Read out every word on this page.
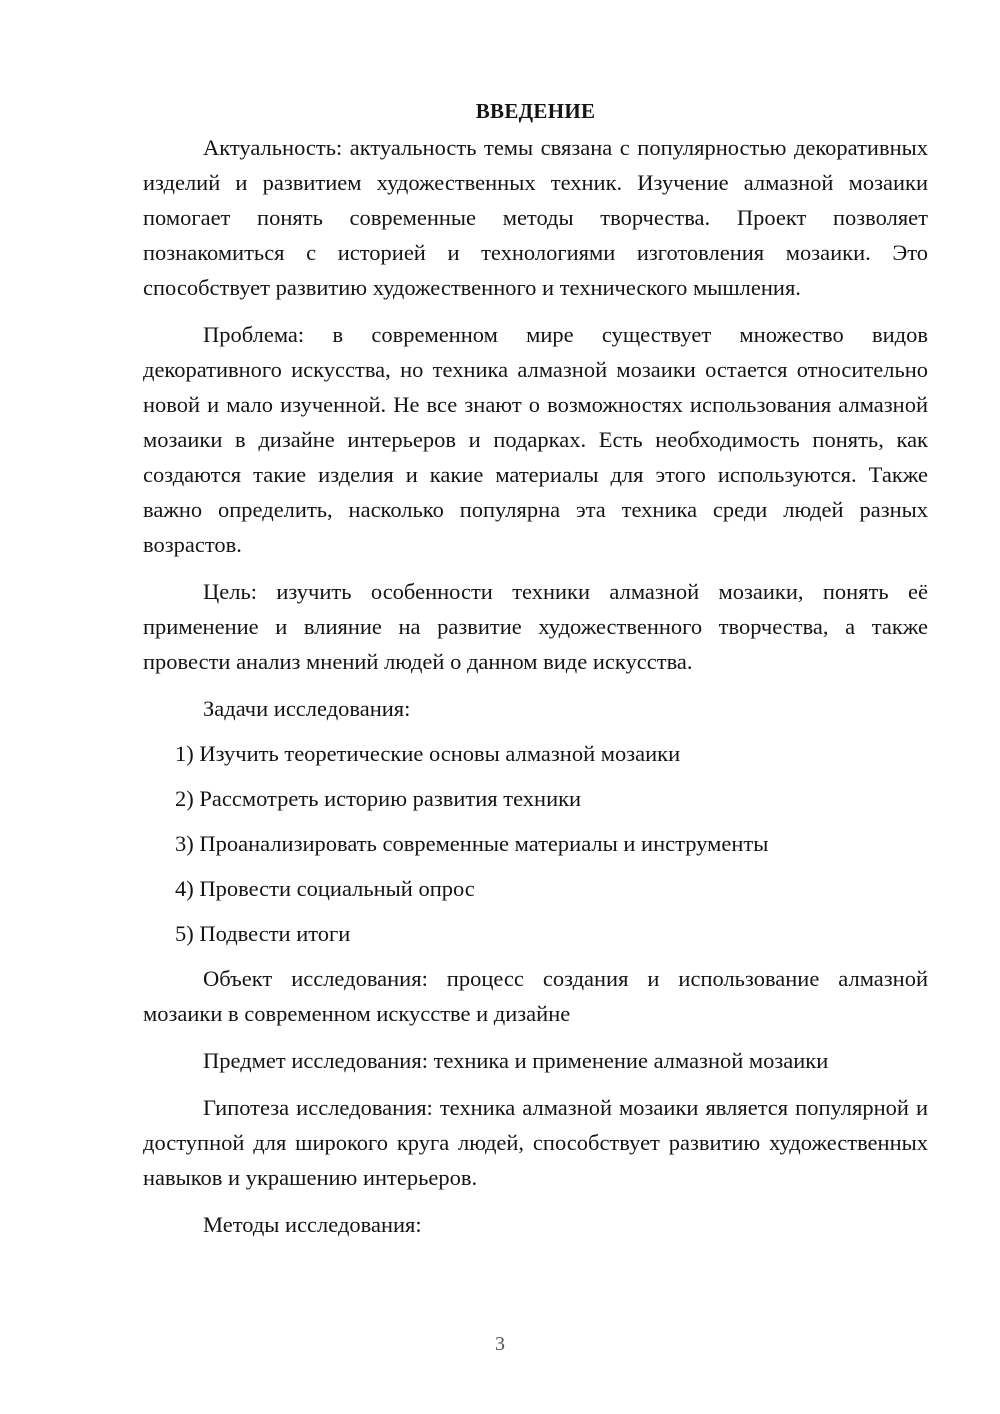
ВВЕДЕНИЕ

Актуальность: актуальность темы связана с популярностью декоративных изделий и развитием художественных техник. Изучение алмазной мозаики помогает понять современные методы творчества. Проект позволяет познакомиться с историей и технологиями изготовления мозаики. Это способствует развитию художественного и технического мышления.

Проблема: в современном мире существует множество видов декоративного искусства, но техника алмазной мозаики остается относительно новой и мало изученной. Не все знают о возможностях использования алмазной мозаики в дизайне интерьеров и подарках. Есть необходимость понять, как создаются такие изделия и какие материалы для этого используются. Также важно определить, насколько популярна эта техника среди людей разных возрастов.

Цель: изучить особенности техники алмазной мозаики, понять её применение и влияние на развитие художественного творчества, а также провести анализ мнений людей о данном виде искусства.

Задачи исследования:

1) Изучить теоретические основы алмазной мозаики
2) Рассмотреть историю развития техники
3) Проанализировать современные материалы и инструменты
4) Провести социальный опрос
5) Подвести итоги

Объект исследования: процесс создания и использование алмазной мозаики в современном искусстве и дизайне

Предмет исследования: техника и применение алмазной мозаики

Гипотеза исследования: техника алмазной мозаики является популярной и доступной для широкого круга людей, способствует развитию художественных навыков и украшению интерьеров.

Методы исследования:

3
